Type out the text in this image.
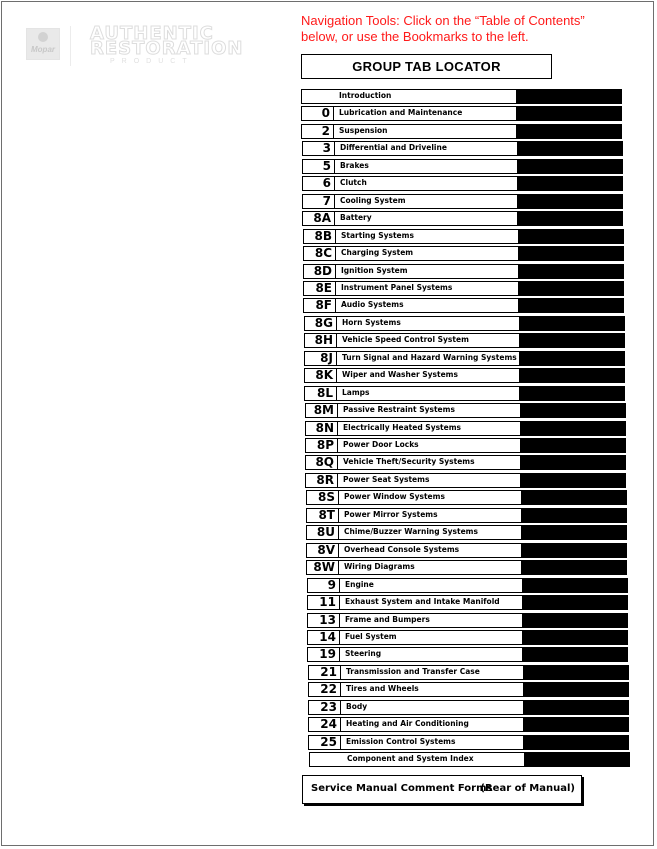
Mopar
AUTHENTIC
RESTORATION
PRODUCT
Navigation Tools: Click on the “Table of Contents”
below, or use the Bookmarks to the left.
GROUP TAB LOCATOR
Introduction
0	Lubrication and Maintenance
2	Suspension
3	Differential and Driveline
5	Brakes
6	Clutch
7	Cooling System
8A	Battery
8B	Starting Systems
8C	Charging System
8D	Ignition System
8E	Instrument Panel Systems
8F	Audio Systems
8G	Horn Systems
8H	Vehicle Speed Control System
8J	Turn Signal and Hazard Warning Systems
8K	Wiper and Washer Systems
8L	Lamps
8M	Passive Restraint Systems
8N	Electrically Heated Systems
8P	Power Door Locks
8Q	Vehicle Theft/Security Systems
8R	Power Seat Systems
8S	Power Window Systems
8T	Power Mirror Systems
8U	Chime/Buzzer Warning Systems
8V	Overhead Console Systems
8W	Wiring Diagrams
9	Engine
11	Exhaust System and Intake Manifold
13	Frame and Bumpers
14	Fuel System
19	Steering
21	Transmission and Transfer Case
22	Tires and Wheels
23	Body
24	Heating and Air Conditioning
25	Emission Control Systems
Component and System Index
Service Manual Comment Forms
(Rear of Manual)
